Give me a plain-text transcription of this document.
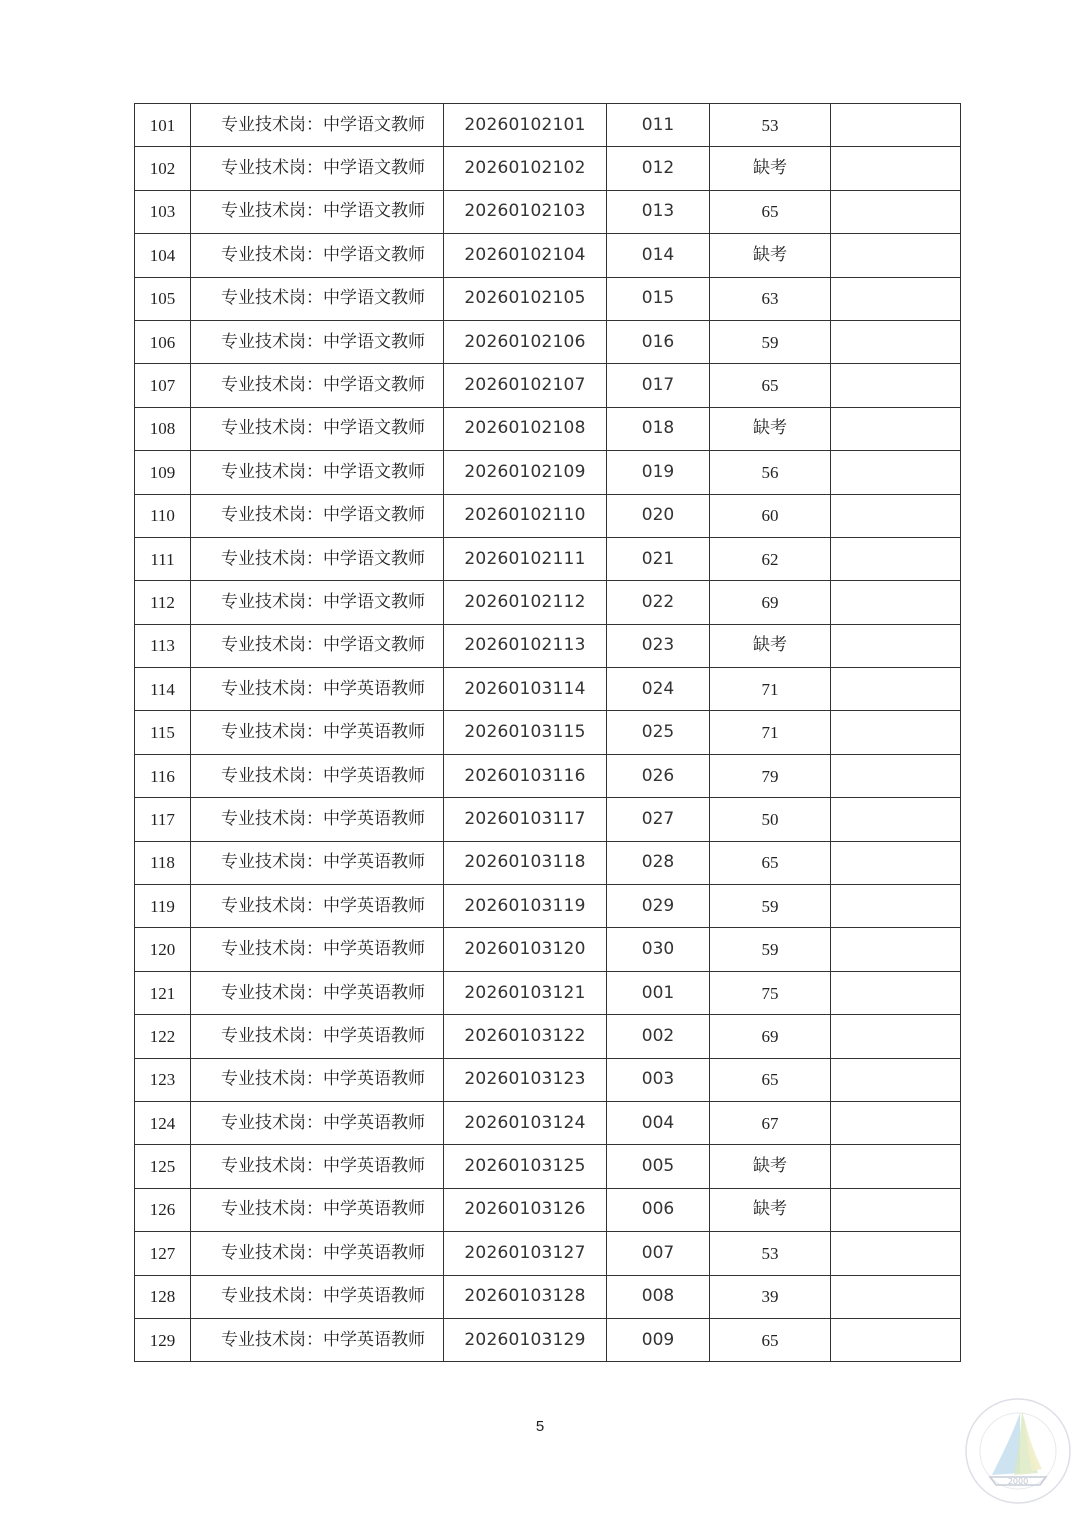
101	专业技术岗：中学语文教师	20260102101	011	53	
102	专业技术岗：中学语文教师	20260102102	012	缺考	
103	专业技术岗：中学语文教师	20260102103	013	65	
104	专业技术岗：中学语文教师	20260102104	014	缺考	
105	专业技术岗：中学语文教师	20260102105	015	63	
106	专业技术岗：中学语文教师	20260102106	016	59	
107	专业技术岗：中学语文教师	20260102107	017	65	
108	专业技术岗：中学语文教师	20260102108	018	缺考	
109	专业技术岗：中学语文教师	20260102109	019	56	
110	专业技术岗：中学语文教师	20260102110	020	60	
111	专业技术岗：中学语文教师	20260102111	021	62	
112	专业技术岗：中学语文教师	20260102112	022	69	
113	专业技术岗：中学语文教师	20260102113	023	缺考	
114	专业技术岗：中学英语教师	20260103114	024	71	
115	专业技术岗：中学英语教师	20260103115	025	71	
116	专业技术岗：中学英语教师	20260103116	026	79	
117	专业技术岗：中学英语教师	20260103117	027	50	
118	专业技术岗：中学英语教师	20260103118	028	65	
119	专业技术岗：中学英语教师	20260103119	029	59	
120	专业技术岗：中学英语教师	20260103120	030	59	
121	专业技术岗：中学英语教师	20260103121	001	75	
122	专业技术岗：中学英语教师	20260103122	002	69	
123	专业技术岗：中学英语教师	20260103123	003	65	
124	专业技术岗：中学英语教师	20260103124	004	67	
125	专业技术岗：中学英语教师	20260103125	005	缺考	
126	专业技术岗：中学英语教师	20260103126	006	缺考	
127	专业技术岗：中学英语教师	20260103127	007	53	
128	专业技术岗：中学英语教师	20260103128	008	39	
129	专业技术岗：中学英语教师	20260103129	009	65	
5
2000
